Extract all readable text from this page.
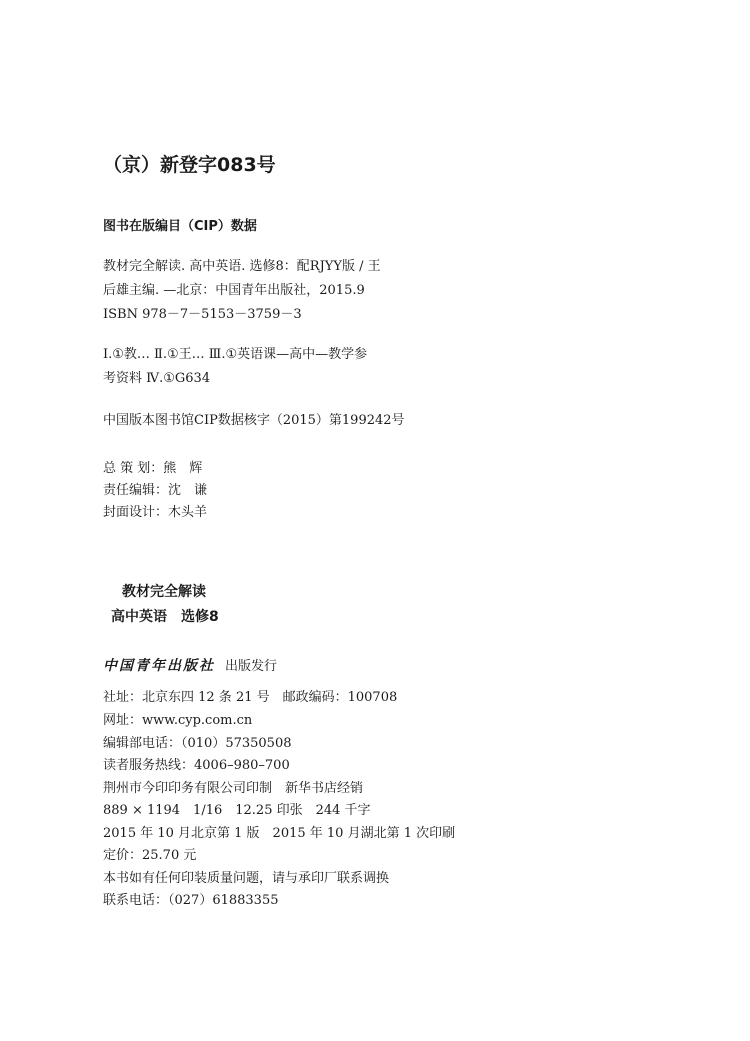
（京）新登字083号
图书在版编目（CIP）数据
教材完全解读. 高中英语. 选修8：配RJYY版 / 王
后雄主编. —北京：中国青年出版社，2015.9
ISBN 978－7－5153－3759－3
Ⅰ.①教… Ⅱ.①王… Ⅲ.①英语课—高中—教学参
考资料 Ⅳ.①G634
中国版本图书馆CIP数据核字（2015）第199242号
总 策 划：熊　辉
责任编辑：沈　谦
封面设计：木头羊
教材完全解读
高中英语　选修8
中国青年出版社 出版发行
社址：北京东四 12 条 21 号　邮政编码：100708
网址：www.cyp.com.cn
编辑部电话：（010）57350508
读者服务热线：4006–980–700
荆州市今印印务有限公司印制　新华书店经销
889 × 1194　1/16　12.25 印张　244 千字
2015 年 10 月北京第 1 版　2015 年 10 月湖北第 1 次印刷
定价：25.70 元
本书如有任何印装质量问题，请与承印厂联系调换
联系电话：（027）61883355
